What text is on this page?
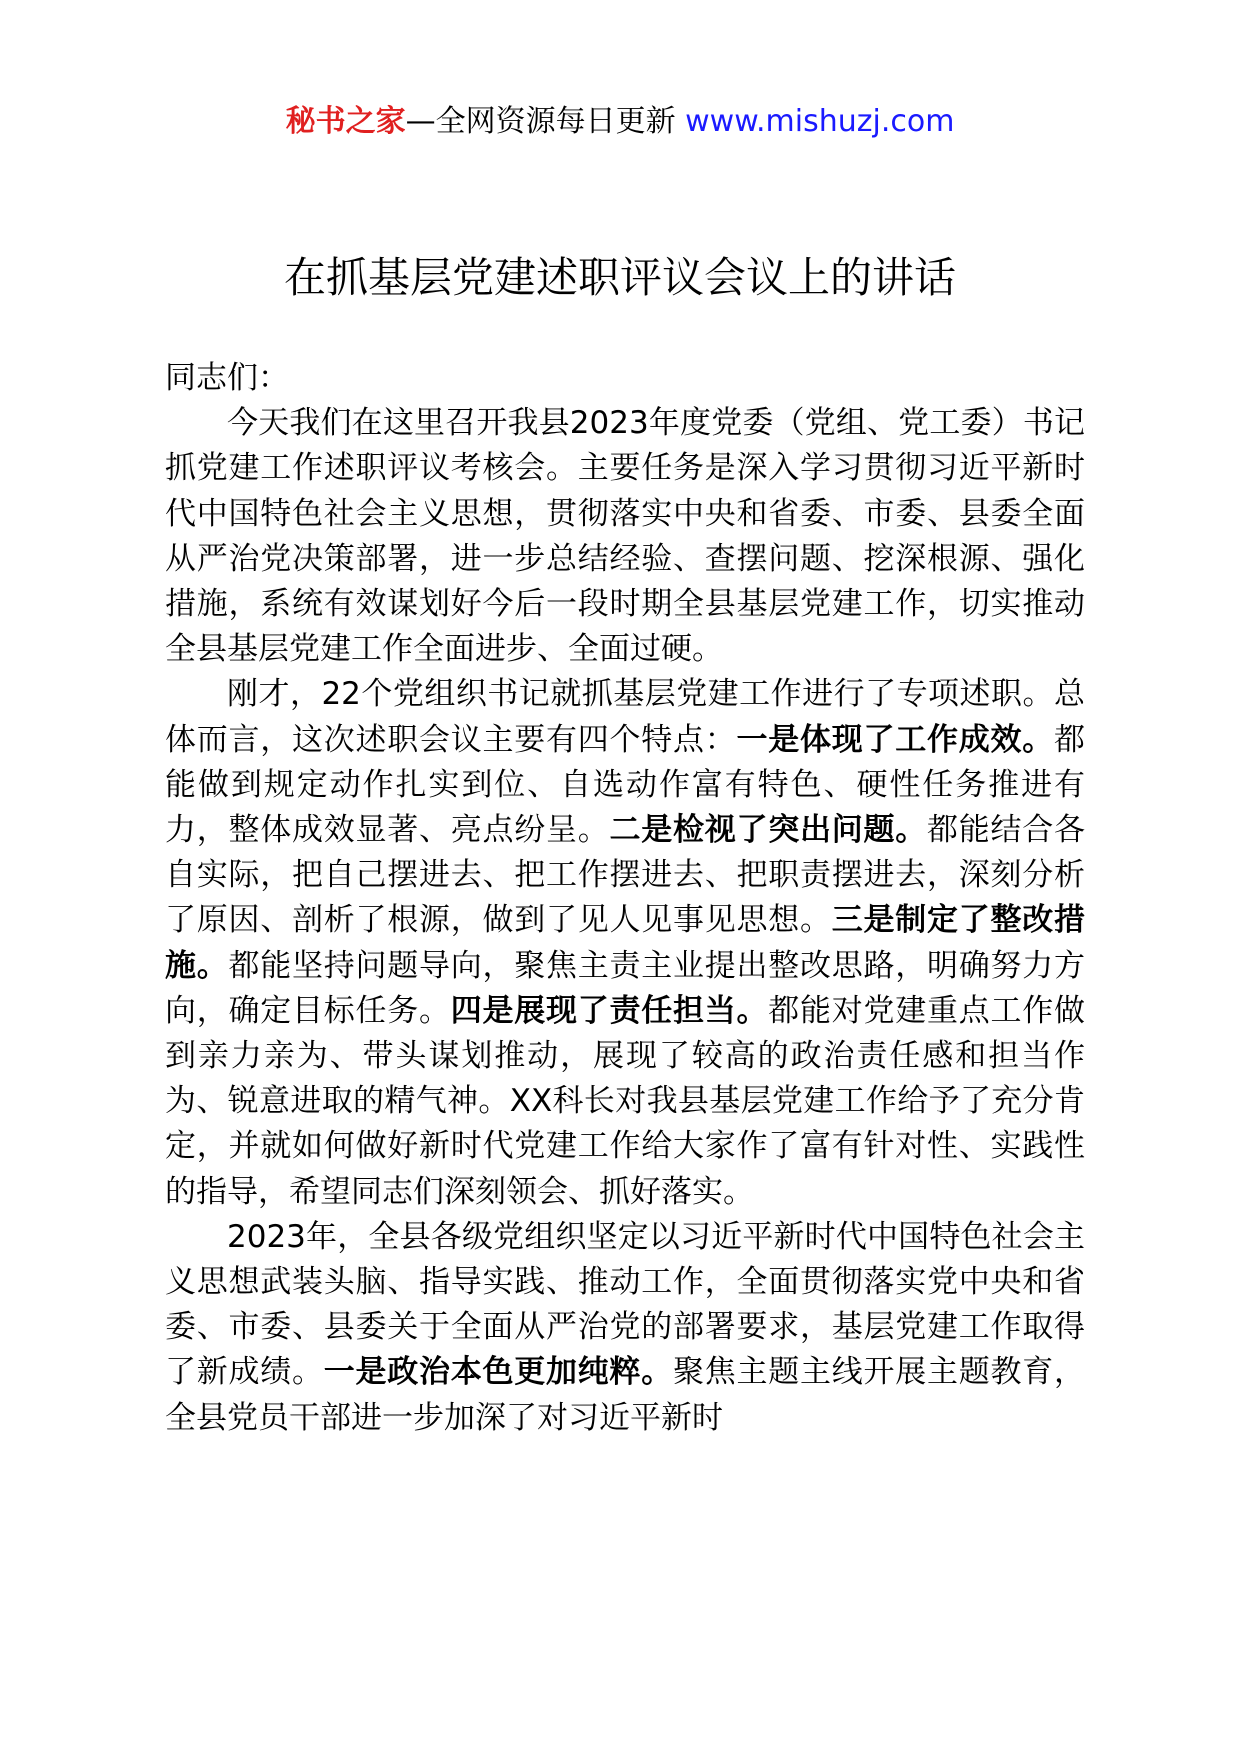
秘书之家—全网资源每日更新 www.mishuzj.com
在抓基层党建述职评议会议上的讲话

同志们：

今天我们在这里召开我县2023年度党委（党组、党工委）书记抓党建工作述职评议考核会。主要任务是深入学习贯彻习近平新时代中国特色社会主义思想，贯彻落实中央和省委、市委、县委全面从严治党决策部署，进一步总结经验、查摆问题、挖深根源、强化措施，系统有效谋划好今后一段时期全县基层党建工作，切实推动全县基层党建工作全面进步、全面过硬。

刚才，22个党组织书记就抓基层党建工作进行了专项述职。总体而言，这次述职会议主要有四个特点：一是体现了工作成效。都能做到规定动作扎实到位、自选动作富有特色、硬性任务推进有力，整体成效显著、亮点纷呈。二是检视了突出问题。都能结合各自实际，把自己摆进去、把工作摆进去、把职责摆进去，深刻分析了原因、剖析了根源，做到了见人见事见思想。三是制定了整改措施。都能坚持问题导向，聚焦主责主业提出整改思路，明确努力方向，确定目标任务。四是展现了责任担当。都能对党建重点工作做到亲力亲为、带头谋划推动，展现了较高的政治责任感和担当作为、锐意进取的精气神。XX科长对我县基层党建工作给予了充分肯定，并就如何做好新时代党建工作给大家作了富有针对性、实践性的指导，希望同志们深刻领会、抓好落实。

2023年，全县各级党组织坚定以习近平新时代中国特色社会主义思想武装头脑、指导实践、推动工作，全面贯彻落实党中央和省委、市委、县委关于全面从严治党的部署要求，基层党建工作取得了新成绩。一是政治本色更加纯粹。聚焦主题主线开展主题教育，全县党员干部进一步加深了对习近平新时
